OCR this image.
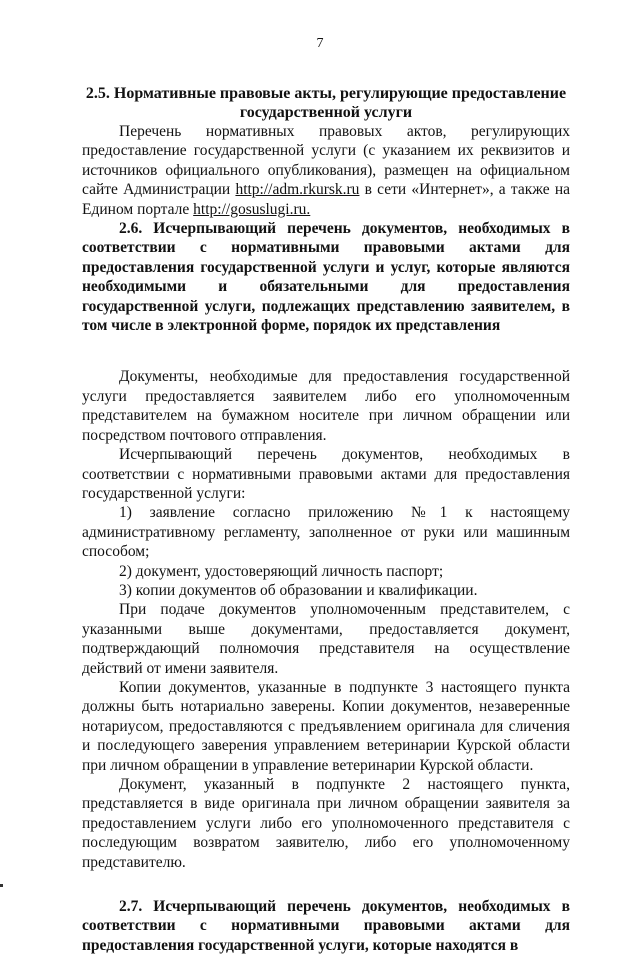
7
2.5. Нормативные правовые акты, регулирующие предоставление государственной услуги

Перечень нормативных правовых актов, регулирующих предоставление государственной услуги (с указанием их реквизитов и источников официального опубликования), размещен на официальном сайте Администрации http://adm.rkursk.ru в сети «Интернет», а также на Едином портале http://gosuslugi.ru.

2.6. Исчерпывающий перечень документов, необходимых в соответствии с нормативными правовыми актами для предоставления государственной услуги и услуг, которые являются необходимыми и обязательными для предоставления государственной услуги, подлежащих представлению заявителем, в том числе в электронной форме, порядок их представления

Документы, необходимые для предоставления государственной услуги предоставляется заявителем либо его уполномоченным представителем на бумажном носителе при личном обращении или посредством почтового отправления.

Исчерпывающий перечень документов, необходимых в соответствии с нормативными правовыми актами для предоставления государственной услуги:

1) заявление согласно приложению №1 к настоящему административному регламенту, заполненное от руки или машинным способом;

2) документ, удостоверяющий личность паспорт;

3) копии документов об образовании и квалификации.

При подаче документов уполномоченным представителем, с указанными выше документами, предоставляется документ, подтверждающий полномочия представителя на осуществление действий от имени заявителя.

Копии документов, указанные в подпункте 3 настоящего пункта должны быть нотариально заверены. Копии документов, незаверенные нотариусом, предоставляются с предъявлением оригинала для сличения и последующего заверения управлением ветеринарии Курской области при личном обращении в управление ветеринарии Курской области.

Документ, указанный в подпункте 2 настоящего пункта, представляется в виде оригинала при личном обращении заявителя за предоставлением услуги либо его уполномоченного представителя с последующим возвратом заявителю, либо его уполномоченному представителю.

2.7. Исчерпывающий перечень документов, необходимых в соответствии с нормативными правовыми актами для предоставления государственной услуги, которые находятся в
